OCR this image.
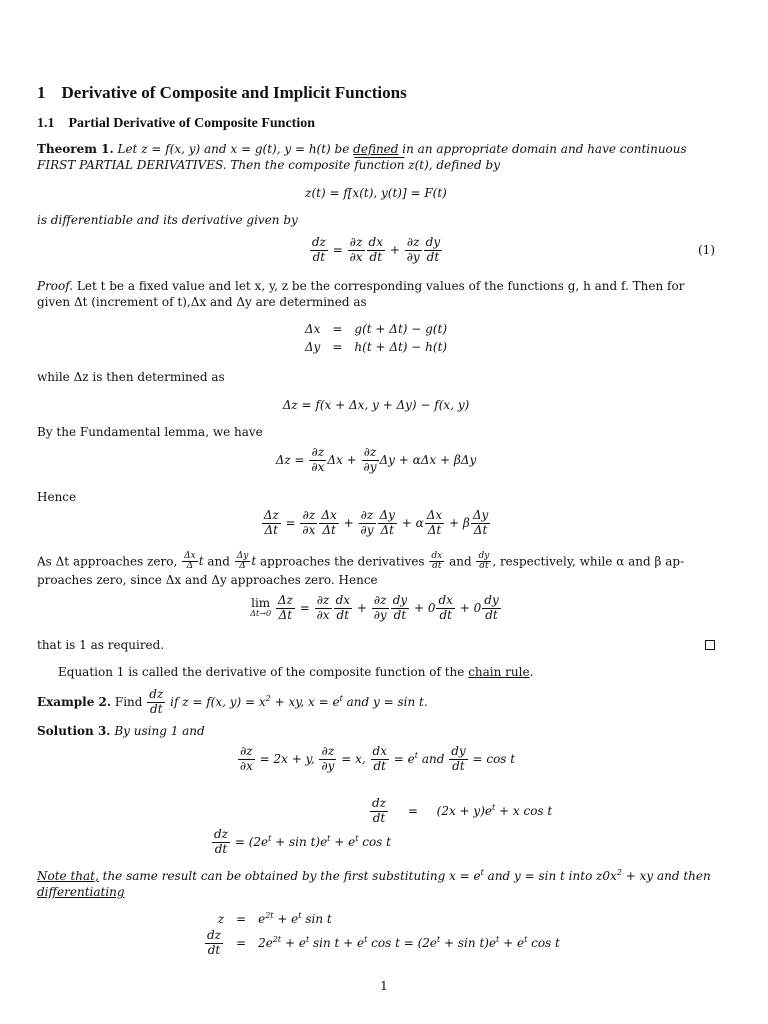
1 Derivative of Composite and Implicit Functions
1.1 Partial Derivative of Composite Function
Theorem 1. Let z = f(x, y) and x = g(t), y = h(t) be defined in an appropriate domain and have continuous
FIRST PARTIAL DERIVATIVES. Then the composite function z(t), defined by
z(t) = f[x(t), y(t)] = F(t)
is differentiable and its derivative given by
$\frac{dz}{dt} = \frac{\partial z}{\partial x} \frac{dx}{dt} + \frac{\partial z}{\partial y} \frac{dy}{dt}$	(1)
Proof. Let t be a fixed value and let x, y, z be the corresponding values of the functions g, h and f. Then for
given Δt (increment of t),Δx and Δy are determined as
Δx	=	g(t + Δt) − g(t)
Δy	=	h(t + Δt) − h(t)
while Δz is then determined as
Δz = f(x + Δx, y + Δy) − f(x, y)
By the Fundamental lemma, we have
$\Delta z = \frac{\partial z}{\partial x}$ $\Delta x + \frac{\partial z}{\partial y}$ Δy + αΔx + βΔy
Hence
$\frac{\Delta z}{\Delta t} = \frac{\partial z}{\partial x} \frac{\Delta x}{\Delta t} + \frac{\partial z}{\partial y} \frac{\Delta y}{\Delta t} + \alpha \frac{\Delta x}{\Delta t} + \beta \frac{\Delta y}{\Delta t}$
As Δt approaches zero, $\frac{\Delta x}{\Delta}$ t and $\frac{\Delta y}{\Delta}$ t approaches the derivatives $\frac{dx}{dt}$ and $\frac{dy}{dt}$ , respectively, while α and β ap-
proaches zero, since Δx and Δy approaches zero. Hence
lim
Δt→0
$\frac{\Delta z}{\Delta t} = \frac{\partial z}{\partial x} \frac{dx}{dt} + \frac{\partial z}{\partial y} \frac{dy}{dt} + 0 \frac{dx}{dt} + 0 \frac{dy}{dt}$
that is 1 as required.
Equation 1 is called the derivative of the composite function of the chain rule.
Example 2. Find $\frac{dz}{dt}$ if z = f(x, $y) = x^2$ + xy, $x = e^t$ and y = sin t.
Solution 3. By using 1 and
$\frac{\partial z}{\partial x} = 2x + y$, $\frac{\partial z}{\partial y} = x$, $\frac{dx}{dt} = e^t$ and $\frac{dy}{dt} = \cos t$
$\frac{dz}{dt} = (2x + y)e^t + x$ cos t
$\frac{dz}{dt} = (2e^t + \sin t)e^t + e^t$ cos t
Note that, the same result can be obtained by the first substituting $x = e^t$ and y = sin t into $z0x^2$ + xy and then
differentiating
z	=	$e^{2t} + e^t$ sin t

$\frac{dz}{dt}$	=	$2e^{2t} + e^t$ $\sin t + e^t$ $\cos t = (2e^t + \sin t)e^t + e^t$ cos t
1
